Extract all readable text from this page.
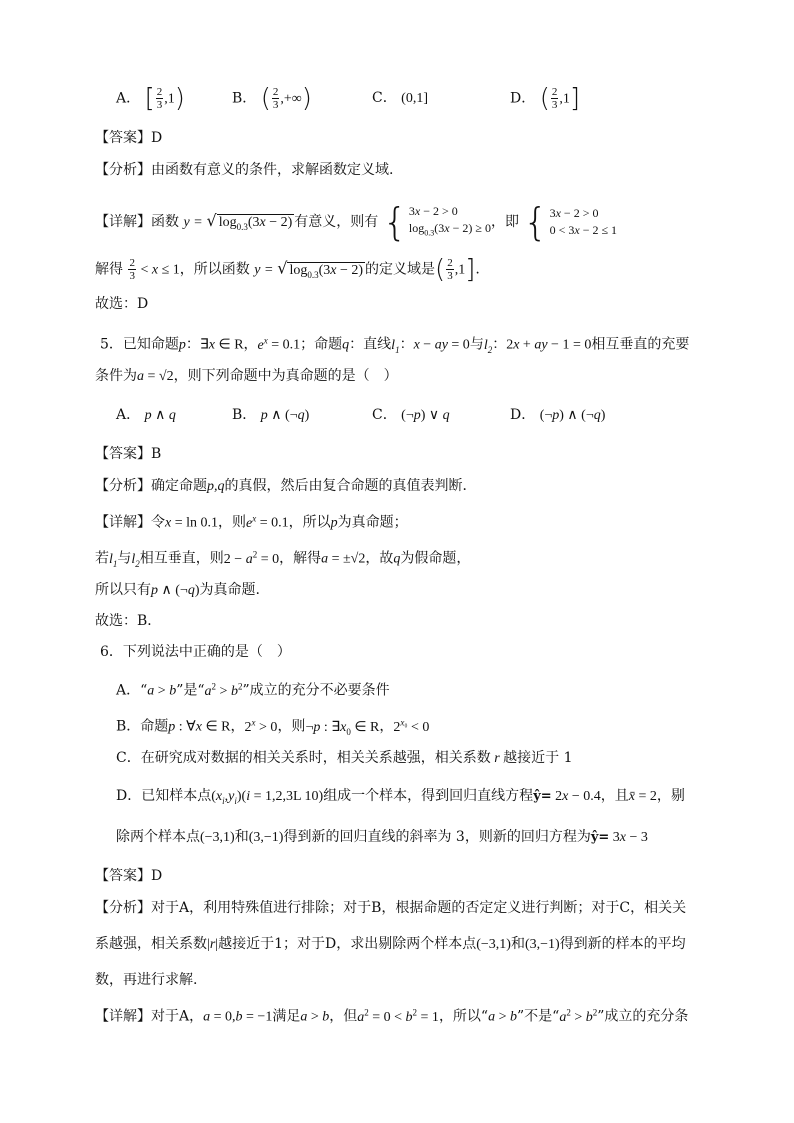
A． [ $\frac{2}{3} ,1$)	B． ( $\frac{2}{3}$ ,+∞)	C． (0,1]	D． ( $\frac{2}{3} ,1$]
【答案】D
【分析】由函数有意义的条件，求解函数定义域.
【详解】函数 y = √ $\log_{0.3}(3x - 2)$ 有意义，则有 { 3x − 2 > 0
$\log_{0.3}(3x - 2) \ge 0$ ，即 { 3x − 2 > 0
0 < 3x − 2 ≤ 1
解得 $\frac{2}{3} < x \le 1$，所以函数 y = √ $\log_{0.3}(3x - 2)$ 的定义域是( $\frac{2}{3} ,1$].
故选：D
5．已知命题p：∃x ∈ R，$e^x = 0.1$；命题q：直线$l_1$：x − ay = 0与$l_2$：2x + ay − 1 = 0相互垂直的充要
条件为a = √2，则下列命题中为真命题的是（　）
A． p ∧ q	B． p ∧ (¬q)	C． (¬p) ∨ q	D． (¬p) ∧ (¬q)
【答案】B
【分析】确定命题p,q的真假，然后由复合命题的真值表判断．
【详解】令x = ln 0.1，则$e^x = 0.1$，所以p为真命题；
若$l_1$与$l_2$相互垂直，则$2 - a^2 = 0$，解得a = ±√2，故q为假命题，
所以只有p ∧ (¬q)为真命题.
故选：B．
6．下列说法中正确的是（　）
A．“a > b”是“$a^2 > b^2$”成立的充分不必要条件
B．命题p : ∀x ∈ R，$2^x > 0$，则¬p : $\exists x_0$ ∈ R，$2^{x_0} < 0$
C．在研究成对数据的相关关系时，相关关系越强，相关系数 r 越接近于 1
D．已知样本点$(x_i,y_i)(i = 1,2,3L$ 10)组成一个样本，得到回归直线方程ŷ= 2x − 0.4，且x̄ = 2，剔
除两个样本点(−3,1)和(3,−1)得到新的回归直线的斜率为 3，则新的回归方程为ŷ= 3x − 3
【答案】D
【分析】对于A，利用特殊值进行排除；对于B，根据命题的否定定义进行判断；对于C，相关关
系越强，相关系数|r|越接近于1；对于D，求出剔除两个样本点(−3,1)和(3,−1)得到新的样本的平均
数，再进行求解.
【详解】对于A，a = 0,b = −1满足a > b，但$a^2 = 0 < b^2 = 1$，所以“a > b”不是“$a^2 > b^2$”成立的充分条
